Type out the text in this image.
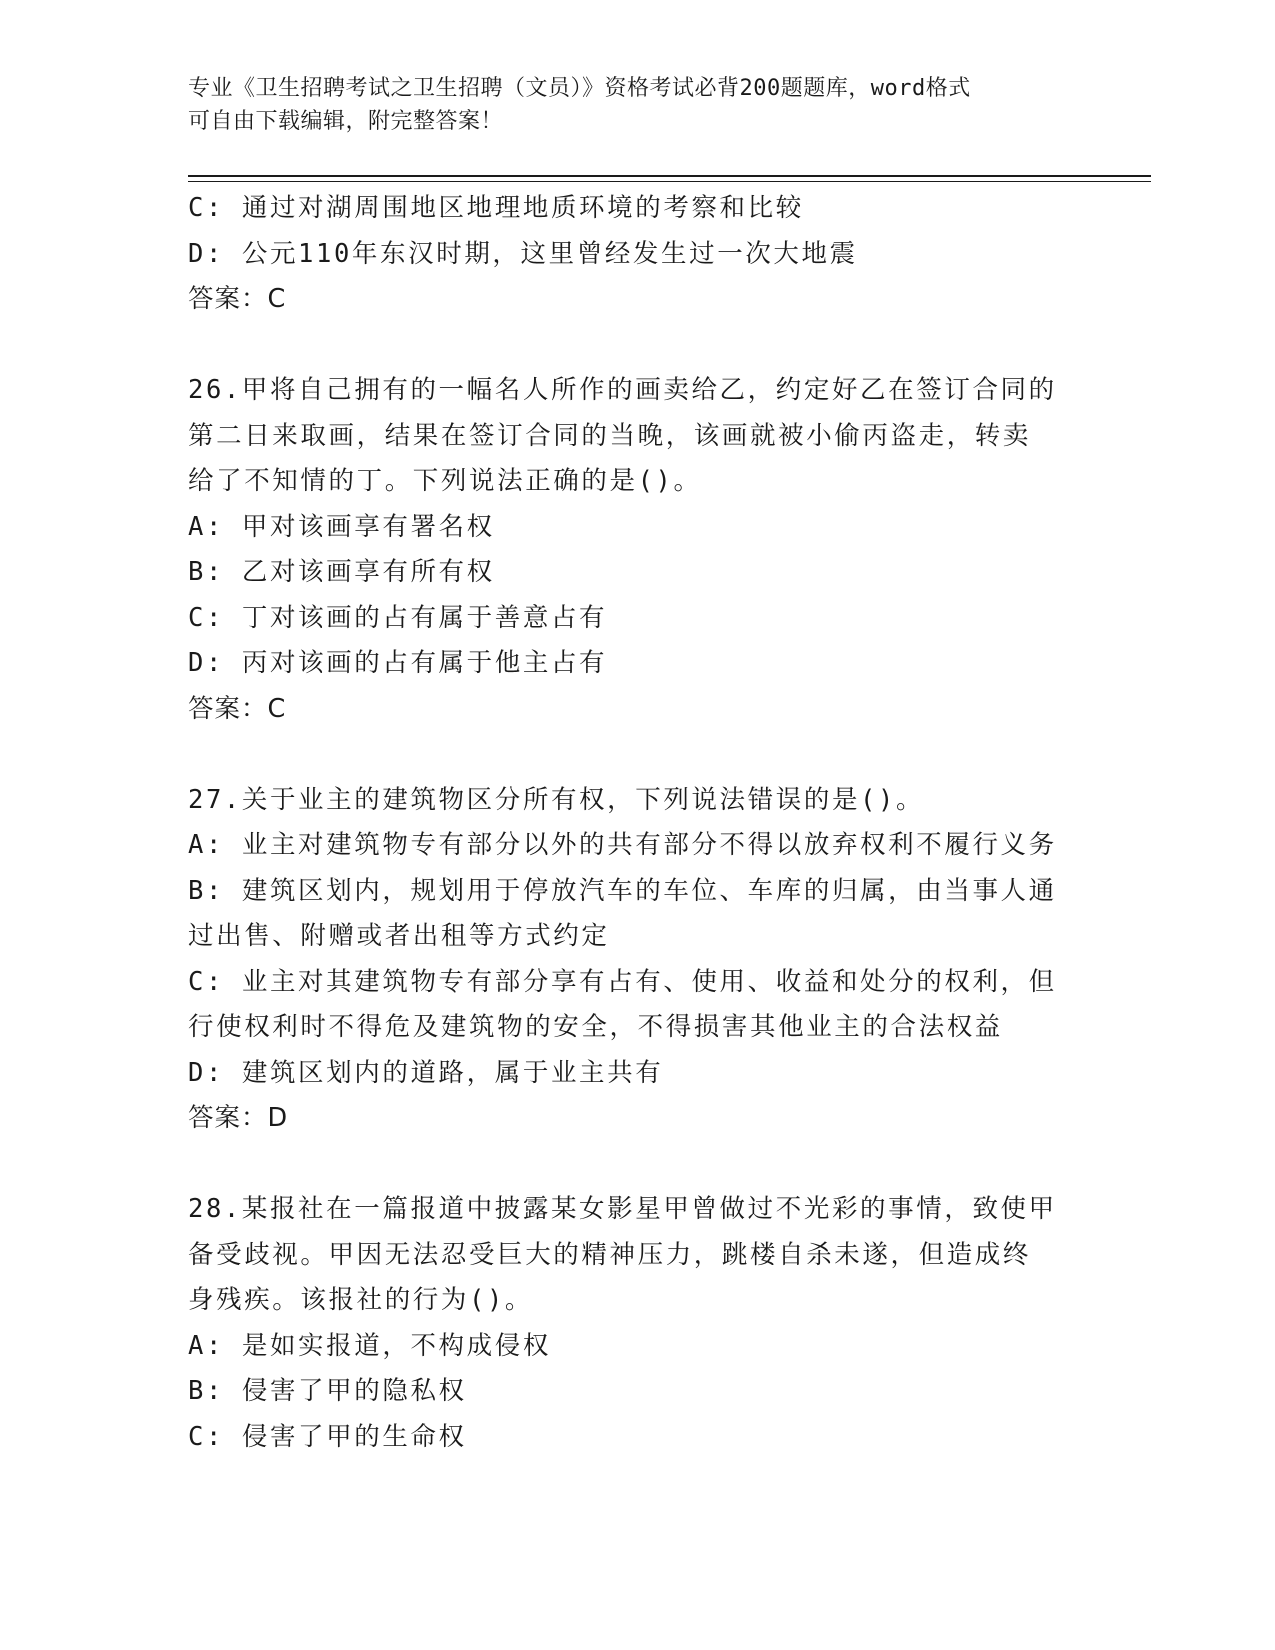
专业《卫生招聘考试之卫生招聘（文员）》资格考试必背200题题库，word格式
可自由下载编辑，附完整答案！
C: 通过对湖周围地区地理地质环境的考察和比较
D: 公元110年东汉时期，这里曾经发生过一次大地震
答案：C
26.甲将自己拥有的一幅名人所作的画卖给乙，约定好乙在签订合同的
第二日来取画，结果在签订合同的当晚，该画就被小偷丙盗走，转卖
给了不知情的丁。下列说法正确的是()。
A: 甲对该画享有署名权
B: 乙对该画享有所有权
C: 丁对该画的占有属于善意占有
D: 丙对该画的占有属于他主占有
答案：C
27.关于业主的建筑物区分所有权，下列说法错误的是()。
A: 业主对建筑物专有部分以外的共有部分不得以放弃权利不履行义务
B: 建筑区划内，规划用于停放汽车的车位、车库的归属，由当事人通
过出售、附赠或者出租等方式约定
C: 业主对其建筑物专有部分享有占有、使用、收益和处分的权利，但
行使权利时不得危及建筑物的安全，不得损害其他业主的合法权益
D: 建筑区划内的道路，属于业主共有
答案：D
28.某报社在一篇报道中披露某女影星甲曾做过不光彩的事情，致使甲
备受歧视。甲因无法忍受巨大的精神压力，跳楼自杀未遂，但造成终
身残疾。该报社的行为()。
A: 是如实报道，不构成侵权
B: 侵害了甲的隐私权
C: 侵害了甲的生命权
